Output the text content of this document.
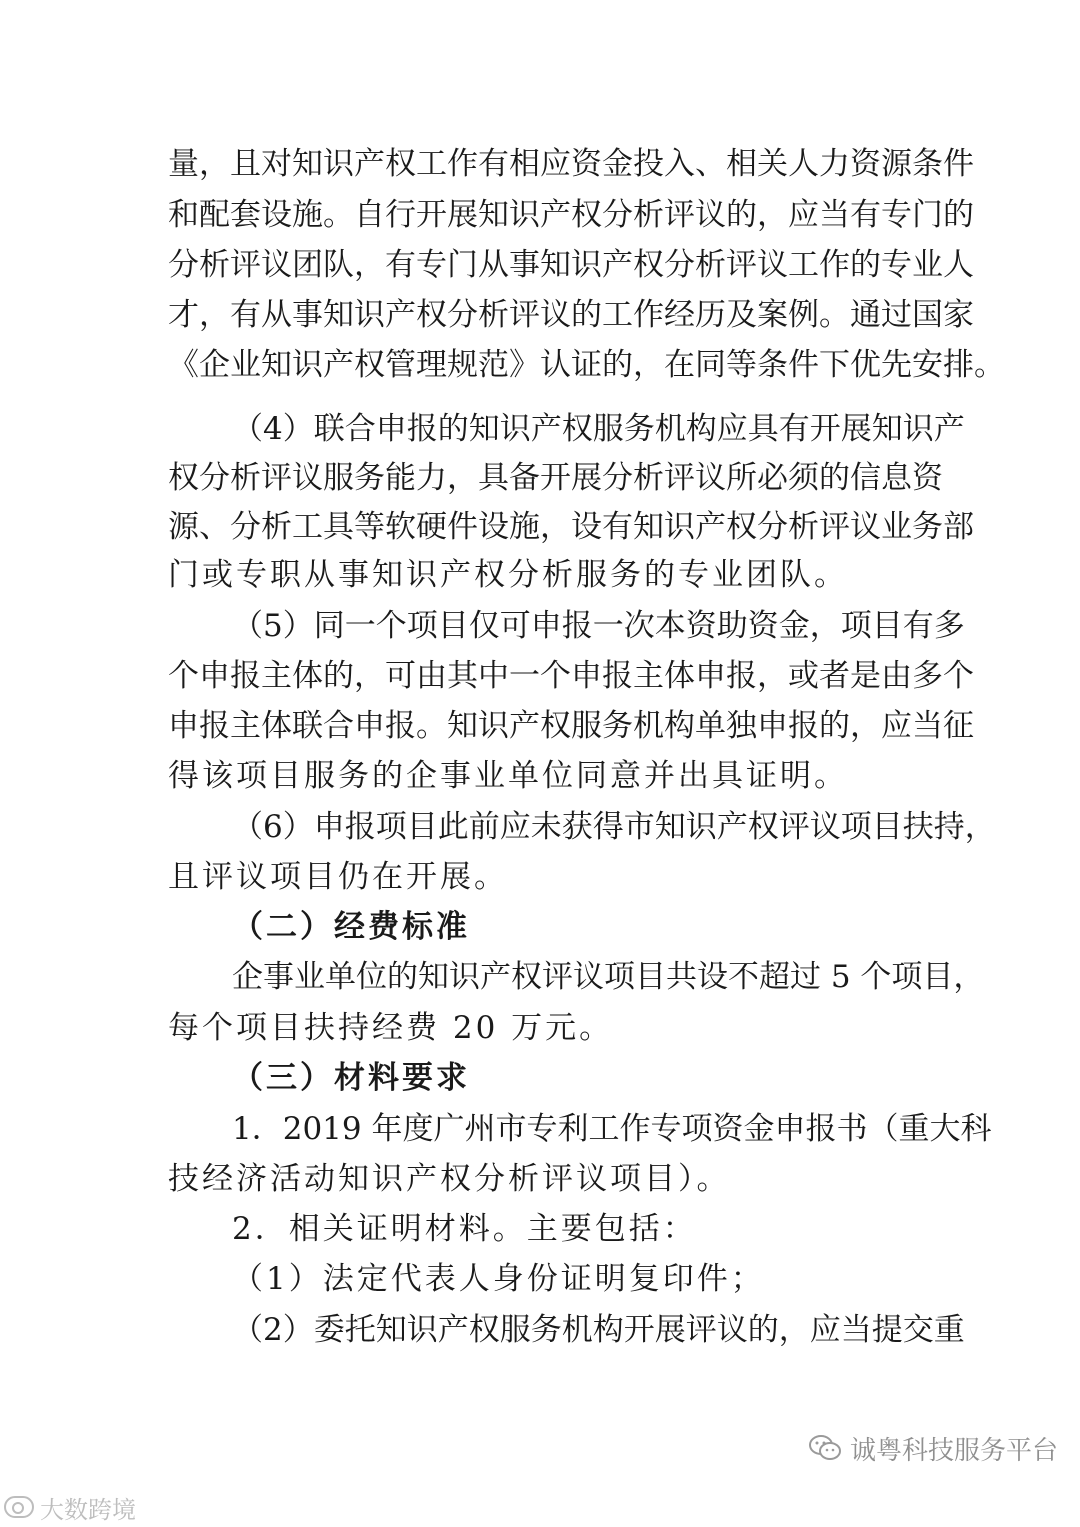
量，且对知识产权工作有相应资金投入、相关人力资源条件
和配套设施。自行开展知识产权分析评议的，应当有专门的
分析评议团队，有专门从事知识产权分析评议工作的专业人
才，有从事知识产权分析评议的工作经历及案例。通过国家
《企业知识产权管理规范》认证的，在同等条件下优先安排。
（4）联合申报的知识产权服务机构应具有开展知识产
权分析评议服务能力，具备开展分析评议所必须的信息资
源、分析工具等软硬件设施，设有知识产权分析评议业务部
门或专职从事知识产权分析服务的专业团队。
（5）同一个项目仅可申报一次本资助资金，项目有多
个申报主体的，可由其中一个申报主体申报，或者是由多个
申报主体联合申报。知识产权服务机构单独申报的，应当征
得该项目服务的企事业单位同意并出具证明。
（6）申报项目此前应未获得市知识产权评议项目扶持，
且评议项目仍在开展。
（二）经费标准
企事业单位的知识产权评议项目共设不超过 5 个项目，
每个项目扶持经费 20 万元。
（三）材料要求
1．2019 年度广州市专利工作专项资金申报书（重大科
技经济活动知识产权分析评议项目）。
2．相关证明材料。主要包括：
（1）法定代表人身份证明复印件；
（2）委托知识产权服务机构开展评议的，应当提交重
诚粤科技服务平台
大数跨境
